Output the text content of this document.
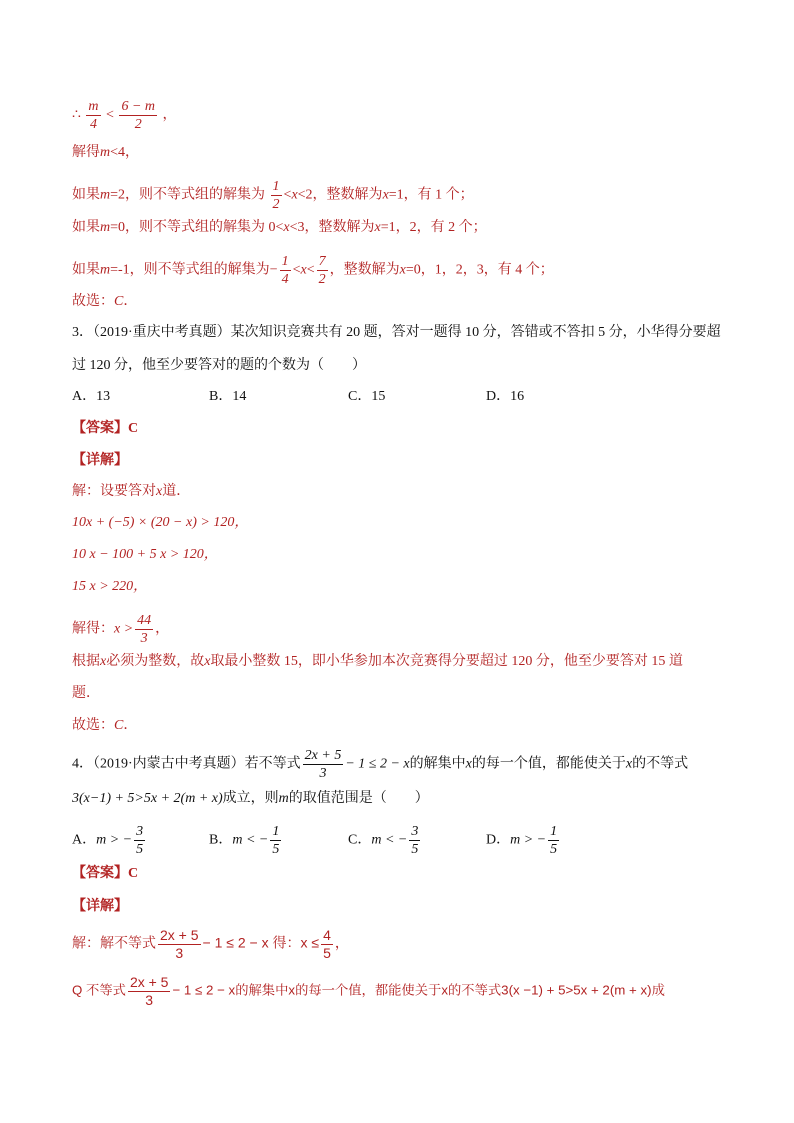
∴ $\frac{m}{4} < \frac{6 - m}{2}$ ，
解得m<4，
如果m=2，则不等式组的解集为 $\frac{1}{2} <x<2$，整数解为x=1，有 1 个；
如果m=0，则不等式组的解集为 0<x<3，整数解为x=1，2，有 2 个；
如果m=-1，则不等式组的解集为− $\frac{1}{4} <x< \frac{7}{2}$ ，整数解为x=0，1，2，3，有 4 个；
故选：C．
3．（2019·重庆中考真题）某次知识竞赛共有 20 题，答对一题得 10 分，答错或不答扣 5 分，小华得分要超
过 120 分，他至少要答对的题的个数为（　　）
A．13	B．14	C．15	D．16
【答案】C
【详解】
解：设要答对x道．
10x + (−5) × (20 − x) > 120，
10 x − 100 + 5 x > 120，
15 x > 220，
解得：$x > \frac{44}{3}$ ，
根据x必须为整数，故x取最小整数 15，即小华参加本次竞赛得分要超过 120 分，他至少要答对 15 道
题．
故选：C．
4．（2019·内蒙古中考真题）若不等式 $\frac{2x + 5}{3} - 1 \le 2 - x$的解集中x的每一个值，都能使关于x的不等式
3(x−1) + 5>5x + 2(m + x)成立，则m的取值范围是（　　）
A．m > − $\frac{3}{5}$	B．m < − $\frac{1}{5}$	C．m < − $\frac{3}{5}$	D．m > − $\frac{1}{5}$
【答案】C
【详解】
解：解不等式 $\frac{2x + 5}{3} - 1 \le 2 - x$ 得：$x \le \frac{4}{5}$ ，
Q 不等式 $\frac{2x + 5}{3} - 1 \le 2 - x$的解集中x的每一个值，都能使关于x的不等式3(x −1) + 5>5x + 2(m + x)成
